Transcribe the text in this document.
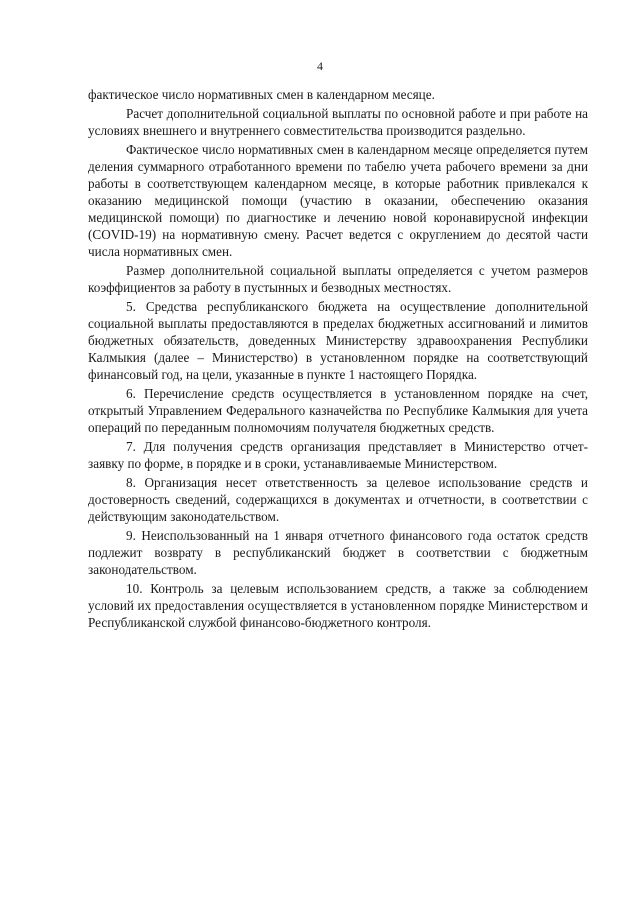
4

фактическое число нормативных смен в календарном месяце.

Расчет дополнительной социальной выплаты по основной работе и при работе на условиях внешнего и внутреннего совместительства производится раздельно.

Фактическое число нормативных смен в календарном месяце определяется путем деления суммарного отработанного времени по табелю учета рабочего времени за дни работы в соответствующем календарном месяце, в которые работник привлекался к оказанию медицинской помощи (участию в оказании, обеспечению оказания медицинской помощи) по диагностике и лечению новой коронавирусной инфекции (COVID-19) на нормативную смену. Расчет ведется с округлением до десятой части числа нормативных смен.

Размер дополнительной социальной выплаты определяется с учетом размеров коэффициентов за работу в пустынных и безводных местностях.

5. Средства республиканского бюджета на осуществление дополнительной социальной выплаты предоставляются в пределах бюджетных ассигнований и лимитов бюджетных обязательств, доведенных Министерству здравоохранения Республики Калмыкия (далее – Министерство) в установленном порядке на соответствующий финансовый год, на цели, указанные в пункте 1 настоящего Порядка.

6. Перечисление средств осуществляется в установленном порядке на счет, открытый Управлением Федерального казначейства по Республике Калмыкия для учета операций по переданным полномочиям получателя бюджетных средств.

7. Для получения средств организация представляет в Министерство отчет-заявку по форме, в порядке и в сроки, устанавливаемые Министерством.

8. Организация несет ответственность за целевое использование средств и достоверность сведений, содержащихся в документах и отчетности, в соответствии с действующим законодательством.

9. Неиспользованный на 1 января отчетного финансового года остаток средств подлежит возврату в республиканский бюджет в соответствии с бюджетным законодательством.

10. Контроль за целевым использованием средств, а также за соблюдением условий их предоставления осуществляется в установленном порядке Министерством и Республиканской службой финансово-бюджетного контроля.
